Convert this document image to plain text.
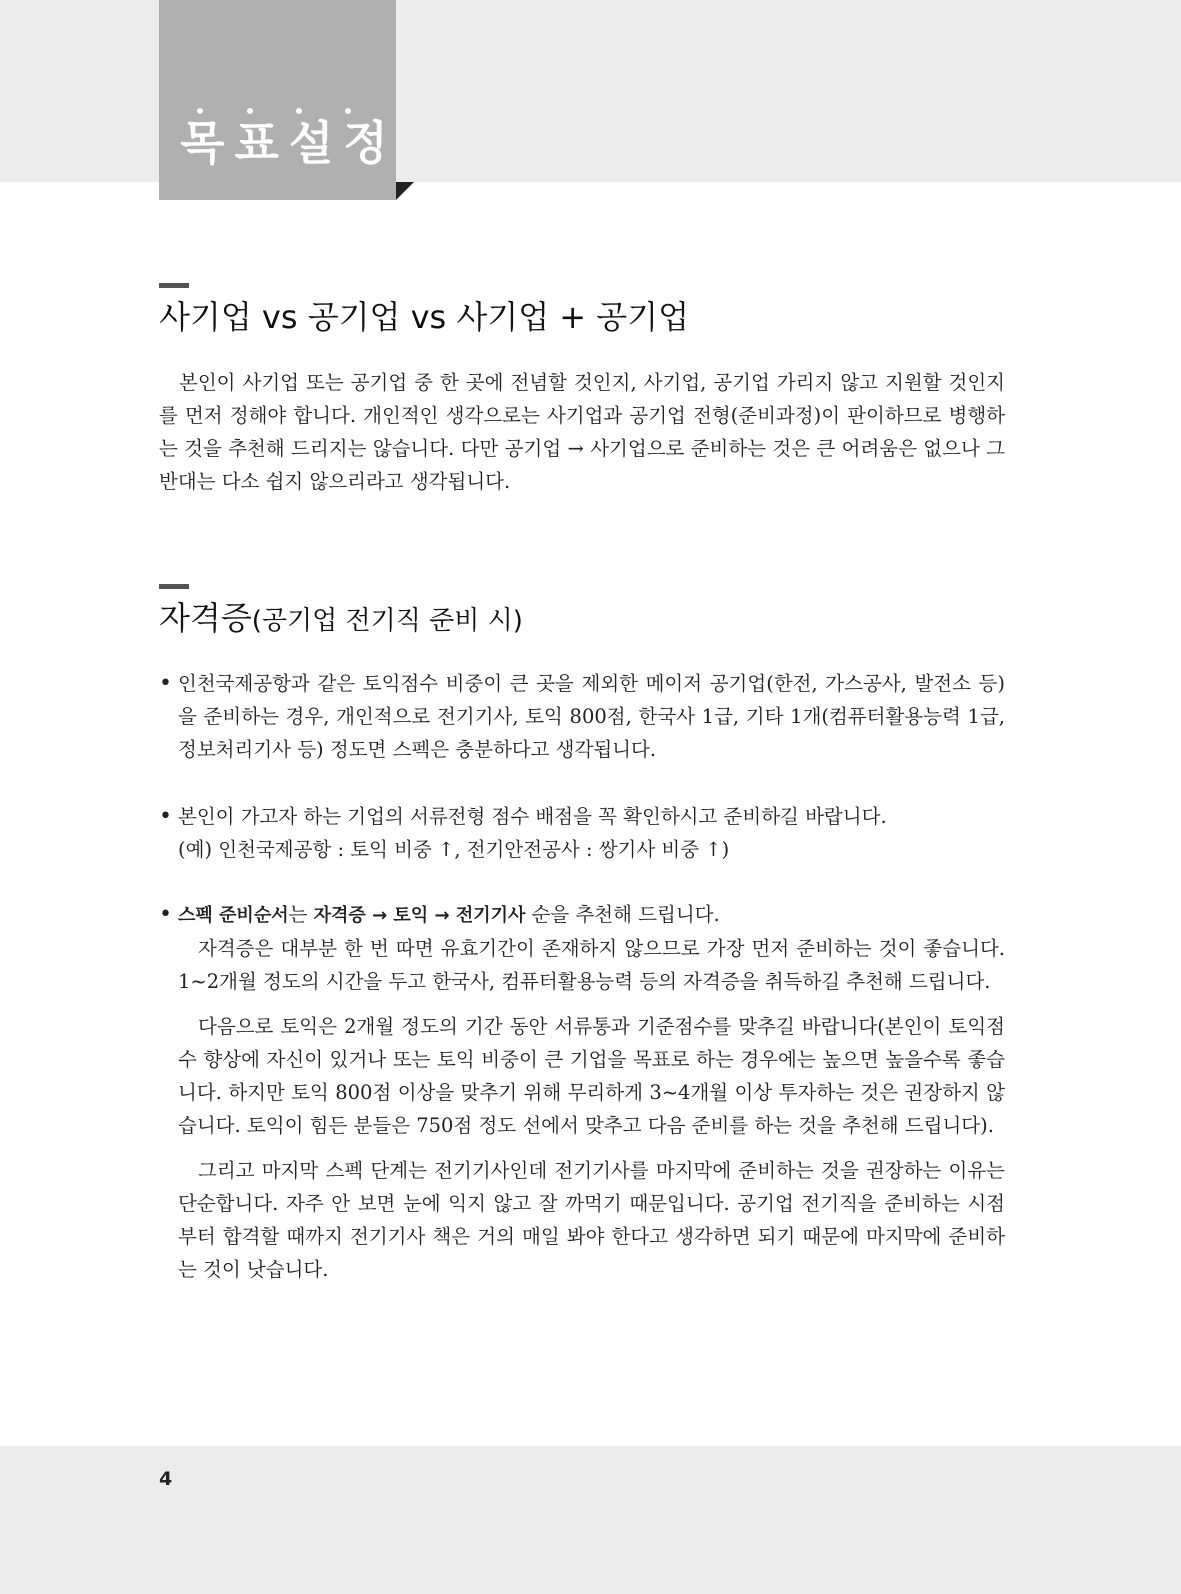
목표설정
사기업 vs 공기업 vs 사기업 + 공기업

본인이 사기업 또는 공기업 중 한 곳에 전념할 것인지, 사기업, 공기업 가리지 않고 지원할 것인지를 먼저 정해야 합니다. 개인적인 생각으로는 사기업과 공기업 전형(준비과정)이 판이하므로 병행하는 것을 추천해 드리지는 않습니다. 다만 공기업 → 사기업으로 준비하는 것은 큰 어려움은 없으나 그 반대는 다소 쉽지 않으리라고 생각됩니다.

자격증(공기업 전기직 준비 시)
• 인천국제공항과 같은 토익점수 비중이 큰 곳을 제외한 메이저 공기업(한전, 가스공사, 발전소 등)을 준비하는 경우, 개인적으로 전기기사, 토익 800점, 한국사 1급, 기타 1개(컴퓨터활용능력 1급, 정보처리기사 등) 정도면 스펙은 충분하다고 생각됩니다.

• 본인이 가고자 하는 기업의 서류전형 점수 배점을 꼭 확인하시고 준비하길 바랍니다.

(예) 인천국제공항 : 토익 비중 ↑, 전기안전공사 : 쌍기사 비중 ↑)

• 스펙 준비순서는 자격증 → 토익 → 전기기사 순을 추천해 드립니다.

자격증은 대부분 한 번 따면 유효기간이 존재하지 않으므로 가장 먼저 준비하는 것이 좋습니다. 1~2개월 정도의 시간을 두고 한국사, 컴퓨터활용능력 등의 자격증을 취득하길 추천해 드립니다.

다음으로 토익은 2개월 정도의 기간 동안 서류통과 기준점수를 맞추길 바랍니다(본인이 토익점수 향상에 자신이 있거나 또는 토익 비중이 큰 기업을 목표로 하는 경우에는 높으면 높을수록 좋습니다. 하지만 토익 800점 이상을 맞추기 위해 무리하게 3~4개월 이상 투자하는 것은 권장하지 않습니다. 토익이 힘든 분들은 750점 정도 선에서 맞추고 다음 준비를 하는 것을 추천해 드립니다).

그리고 마지막 스펙 단계는 전기기사인데 전기기사를 마지막에 준비하는 것을 권장하는 이유는 단순합니다. 자주 안 보면 눈에 익지 않고 잘 까먹기 때문입니다. 공기업 전기직을 준비하는 시점부터 합격할 때까지 전기기사 책은 거의 매일 봐야 한다고 생각하면 되기 때문에 마지막에 준비하는 것이 낫습니다.

4
